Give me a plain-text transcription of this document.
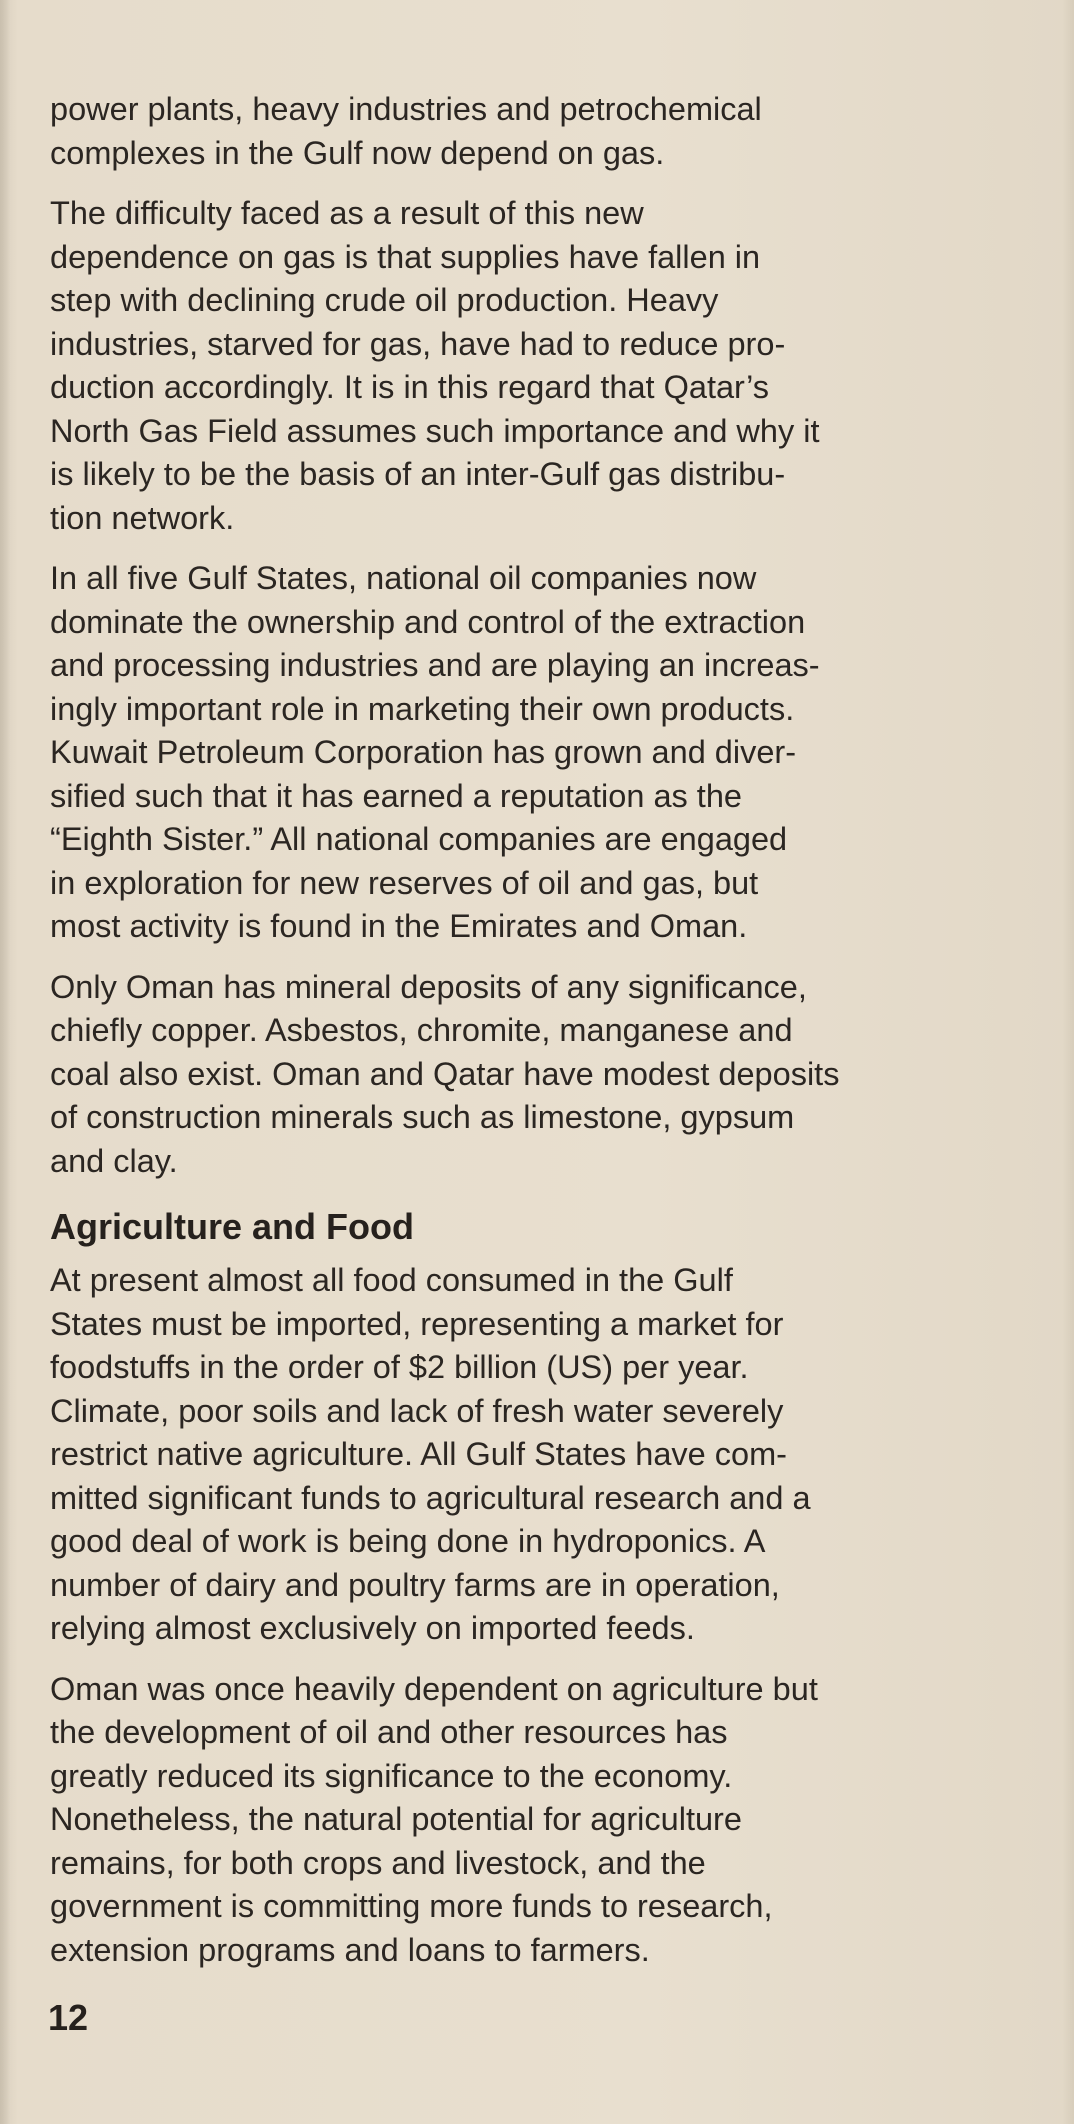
power plants, heavy industries and petrochemical
complexes in the Gulf now depend on gas.

The difficulty faced as a result of this new
dependence on gas is that supplies have fallen in
step with declining crude oil production. Heavy
industries, starved for gas, have had to reduce pro-
duction accordingly. It is in this regard that Qatar’s
North Gas Field assumes such importance and why it
is likely to be the basis of an inter-Gulf gas distribu-
tion network.

In all five Gulf States, national oil companies now
dominate the ownership and control of the extraction
and processing industries and are playing an increas-
ingly important role in marketing their own products.
Kuwait Petroleum Corporation has grown and diver-
sified such that it has earned a reputation as the
“Eighth Sister.” All national companies are engaged
in exploration for new reserves of oil and gas, but
most activity is found in the Emirates and Oman.

Only Oman has mineral deposits of any significance,
chiefly copper. Asbestos, chromite, manganese and
coal also exist. Oman and Qatar have modest deposits
of construction minerals such as limestone, gypsum
and clay.

Agriculture and Food

At present almost all food consumed in the Gulf
States must be imported, representing a market for
foodstuffs in the order of $2 billion (US) per year.
Climate, poor soils and lack of fresh water severely
restrict native agriculture. All Gulf States have com-
mitted significant funds to agricultural research and a
good deal of work is being done in hydroponics. A
number of dairy and poultry farms are in operation,
relying almost exclusively on imported feeds.

Oman was once heavily dependent on agriculture but
the development of oil and other resources has
greatly reduced its significance to the economy.
Nonetheless, the natural potential for agriculture
remains, for both crops and livestock, and the
government is committing more funds to research,
extension programs and loans to farmers.

12
